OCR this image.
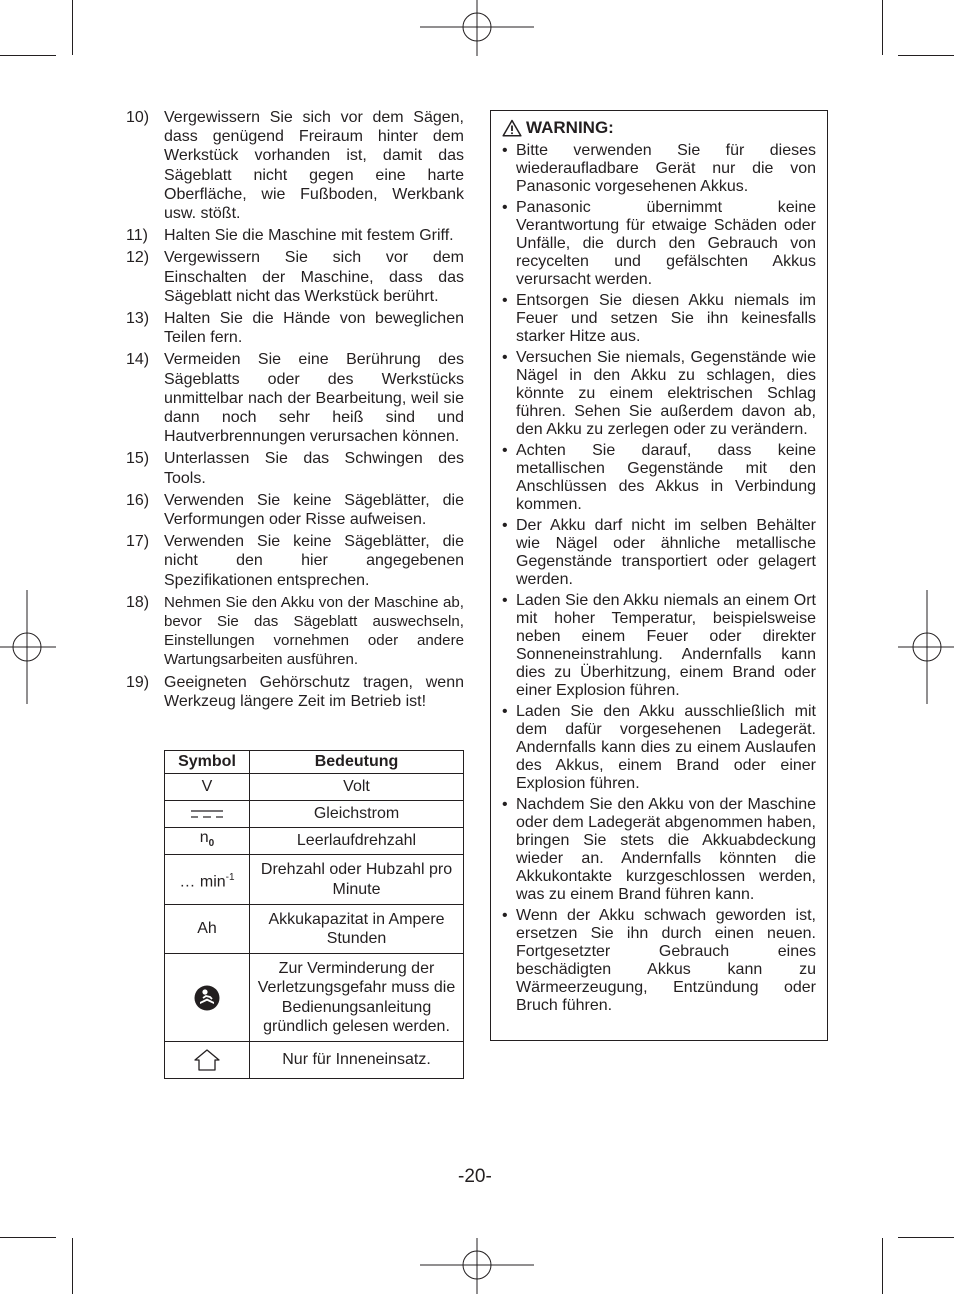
10) Vergewissern Sie sich vor dem Sägen, dass genügend Freiraum hinter dem Werkstück vorhanden ist, damit das Sägeblatt nicht gegen eine harte Oberfläche, wie Fußboden, Werkbank usw. stößt.
11) Halten Sie die Maschine mit festem Griff.
12) Vergewissern Sie sich vor dem Einschalten der Maschine, dass das Sägeblatt nicht das Werkstück berührt.
13) Halten Sie die Hände von beweglichen Teilen fern.
14) Vermeiden Sie eine Berührung des Sägeblatts oder des Werkstücks unmittelbar nach der Bearbeitung, weil sie dann noch sehr heiß sind und Hautverbrennungen verursachen können.
15) Unterlassen Sie das Schwingen des Tools.
16) Verwenden Sie keine Sägeblätter, die Verformungen oder Risse aufweisen.
17) Verwenden Sie keine Sägeblätter, die nicht den hier angegebenen Spezifikationen entsprechen.
18) Nehmen Sie den Akku von der Maschine ab, bevor Sie das Sägeblatt auswechseln, Einstellungen vornehmen oder andere Wartungsarbeiten ausführen.
19) Geeigneten Gehörschutz tragen, wenn Werkzeug längere Zeit im Betrieb ist!
Symbol	Bedeutung
V	Volt
	Gleichstrom
$n_0$	Leerlaufdrehzahl
… $\min^{-1}$	Drehzahl oder Hubzahl pro Minute
Ah	Akkukapazitat in Ampere Stunden
	Zur Verminderung der Verletzungsgefahr muss die Bedienungsanleitung gründlich gelesen werden.
	Nur für Inneneinsatz.
WARNING:
• Bitte verwenden Sie für dieses wiederaufladbare Gerät nur die von Panasonic vorgesehenen Akkus.
• Panasonic übernimmt keine Verantwortung für etwaige Schäden oder Unfälle, die durch den Gebrauch von recycelten und gefälschten Akkus verursacht werden.
• Entsorgen Sie diesen Akku niemals im Feuer und setzen Sie ihn keinesfalls starker Hitze aus.
• Versuchen Sie niemals, Gegenstände wie Nägel in den Akku zu schlagen, dies könnte zu einem elektrischen Schlag führen. Sehen Sie außerdem davon ab, den Akku zu zerlegen oder zu verändern.
• Achten Sie darauf, dass keine metallischen Gegenstände mit den Anschlüssen des Akkus in Verbindung kommen.
• Der Akku darf nicht im selben Behälter wie Nägel oder ähnliche metallische Gegenstände transportiert oder gelagert werden.
• Laden Sie den Akku niemals an einem Ort mit hoher Temperatur, beispielsweise neben einem Feuer oder direkter Sonneneinstrahlung. Andernfalls kann dies zu Überhitzung, einem Brand oder einer Explosion führen.
• Laden Sie den Akku ausschließlich mit dem dafür vorgesehenen Ladegerät. Andernfalls kann dies zu einem Auslaufen des Akkus, einem Brand oder einer Explosion führen.
• Nachdem Sie den Akku von der Maschine oder dem Ladegerät abgenommen haben, bringen Sie stets die Akkuabdeckung wieder an. Andernfalls könnten die Akkukontakte kurzgeschlossen werden, was zu einem Brand führen kann.
• Wenn der Akku schwach geworden ist, ersetzen Sie ihn durch einen neuen. Fortgesetzter Gebrauch eines beschädigten Akkus kann zu Wärmeerzeugung, Entzündung oder Bruch führen.
-20-
